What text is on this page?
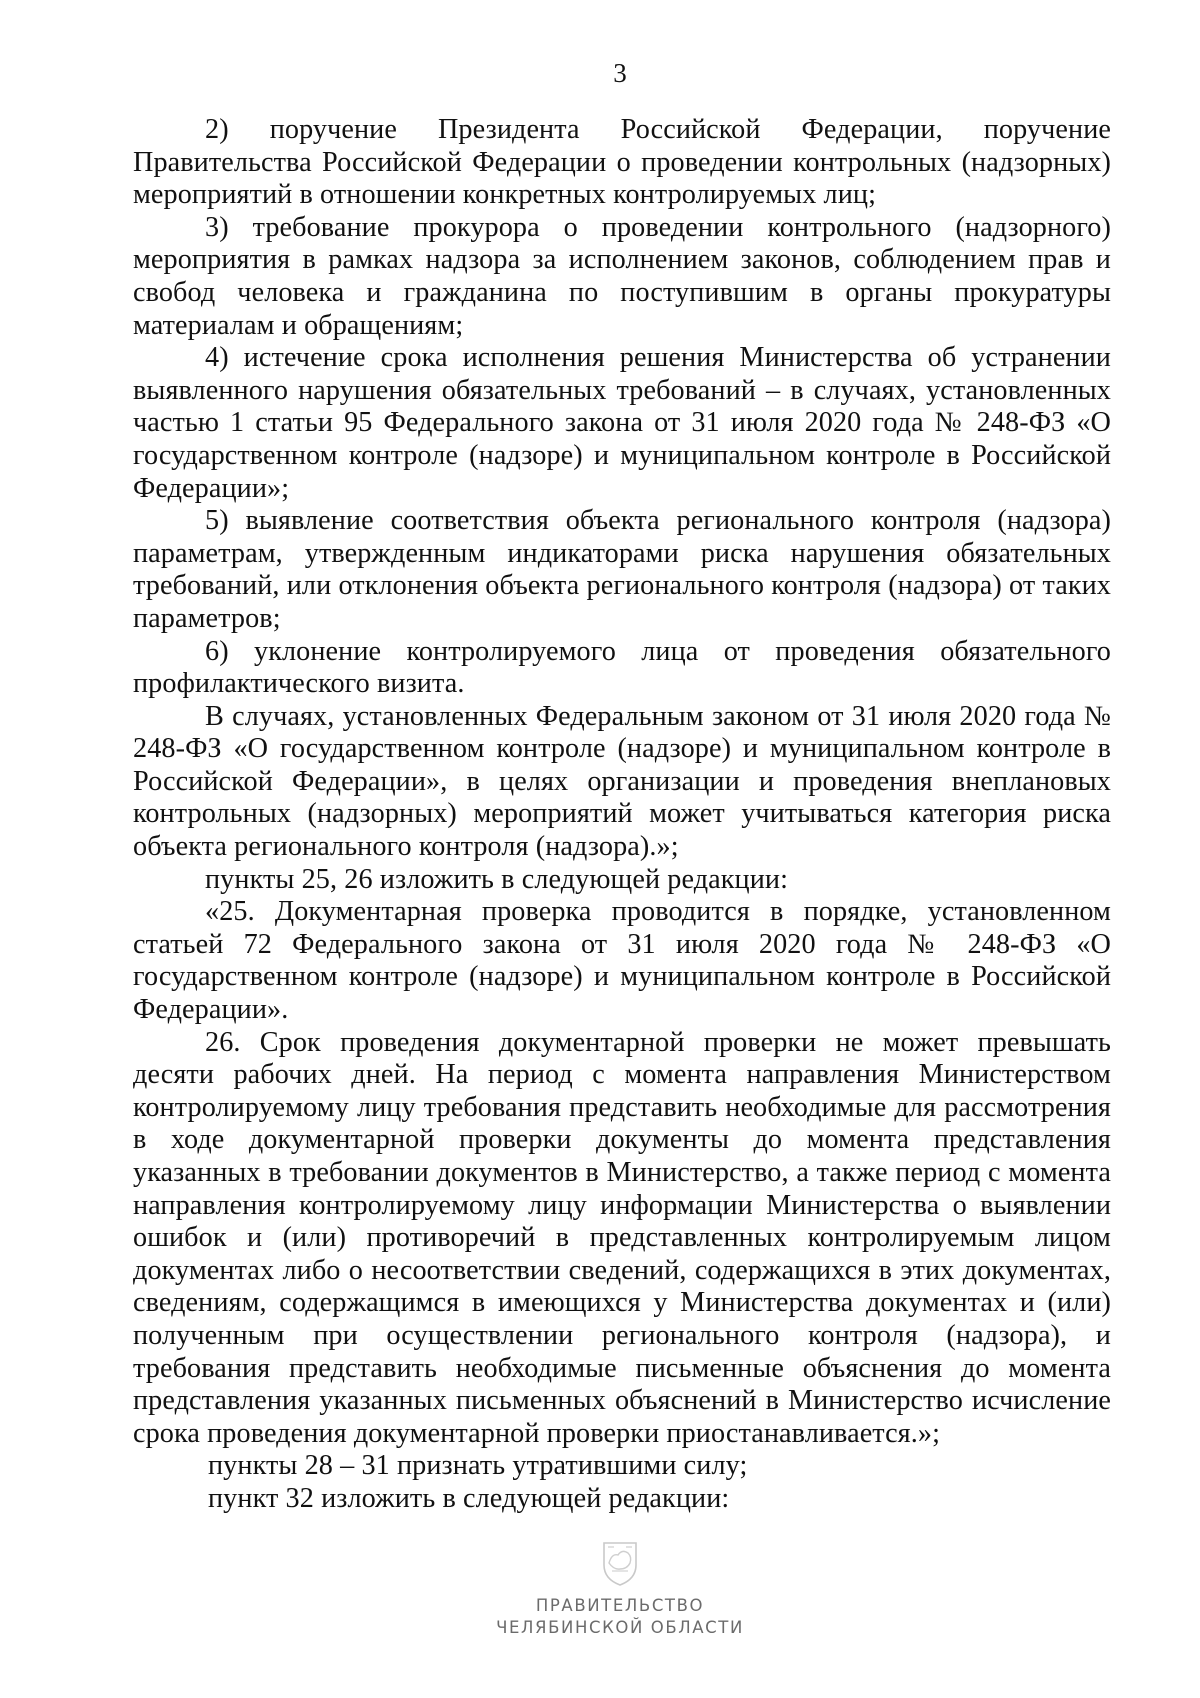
3

2) поручение Президента Российской Федерации, поручение Правительства Российской Федерации о проведении контрольных (надзорных) мероприятий в отношении конкретных контролируемых лиц;

3) требование прокурора о проведении контрольного (надзорного) мероприятия в рамках надзора за исполнением законов, соблюдением прав и свобод человека и гражданина по поступившим в органы прокуратуры материалам и обращениям;

4) истечение срока исполнения решения Министерства об устранении выявленного нарушения обязательных требований – в случаях, установленных частью 1 статьи 95 Федерального закона от 31 июля 2020 года № 248-ФЗ «О государственном контроле (надзоре) и муниципальном контроле в Российской Федерации»;

5) выявление соответствия объекта регионального контроля (надзора) параметрам, утвержденным индикаторами риска нарушения обязательных требований, или отклонения объекта регионального контроля (надзора) от таких параметров;

6) уклонение контролируемого лица от проведения обязательного профилактического визита.

В случаях, установленных Федеральным законом от 31 июля 2020 года № 248-ФЗ «О государственном контроле (надзоре) и муниципальном контроле в Российской Федерации», в целях организации и проведения внеплановых контрольных (надзорных) мероприятий может учитываться категория риска объекта регионального контроля (надзора).»;

пункты 25, 26 изложить в следующей редакции:

«25. Документарная проверка проводится в порядке, установленном статьей 72 Федерального закона от 31 июля 2020 года № 248-ФЗ «О государственном контроле (надзоре) и муниципальном контроле в Российской Федерации».

26. Срок проведения документарной проверки не может превышать десяти рабочих дней. На период с момента направления Министерством контролируемому лицу требования представить необходимые для рассмотрения в ходе документарной проверки документы до момента представления указанных в требовании документов в Министерство, а также период с момента направления контролируемому лицу информации Министерства о выявлении ошибок и (или) противоречий в представленных контролируемым лицом документах либо о несоответствии сведений, содержащихся в этих документах, сведениям, содержащимся в имеющихся у Министерства документах и (или) полученным при осуществлении регионального контроля (надзора), и требования представить необходимые письменные объяснения до момента представления указанных письменных объяснений в Министерство исчисление срока проведения документарной проверки приостанавливается.»;

пункты 28 – 31 признать утратившими силу;

пункт 32 изложить в следующей редакции:

ПРАВИТЕЛЬСТВО
ЧЕЛЯБИНСКОЙ ОБЛАСТИ
